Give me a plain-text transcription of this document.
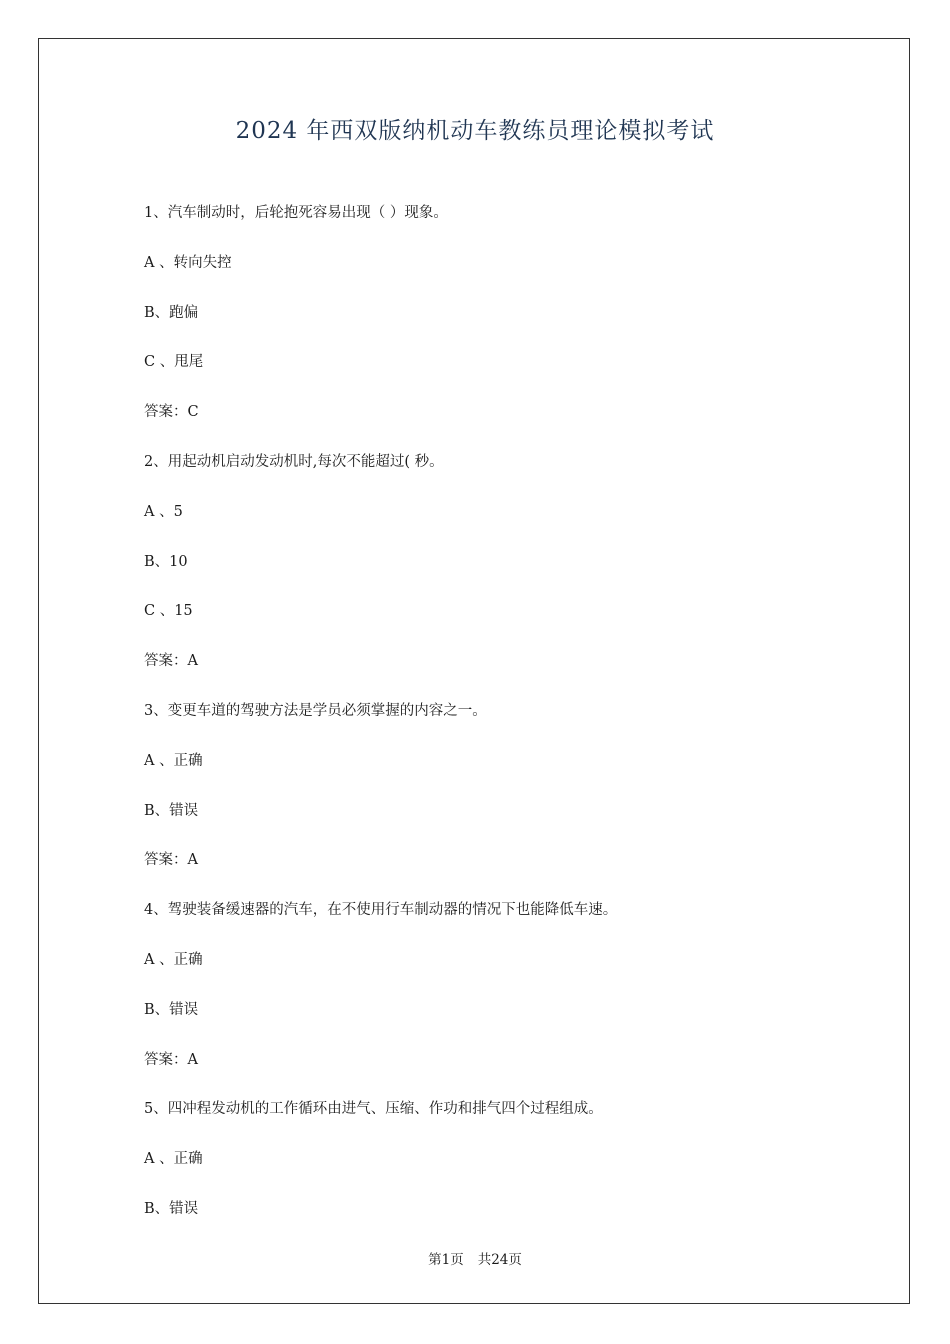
2024 年西双版纳机动车教练员理论模拟考试
1、汽车制动时，后轮抱死容易出现（ ）现象。
A 、转向失控
B、跑偏
C 、甩尾
答案：C
2、用起动机启动发动机时,每次不能超过( 秒。
A 、5
B、10
C 、15
答案：A
3、变更车道的驾驶方法是学员必须掌握的内容之一。
A 、正确
B、错误
答案：A
4、驾驶装备缓速器的汽车，在不使用行车制动器的情况下也能降低车速。
A 、正确
B、错误
答案：A
5、四冲程发动机的工作循环由进气、压缩、作功和排气四个过程组成。
A 、正确
B、错误
第1页 共24页
